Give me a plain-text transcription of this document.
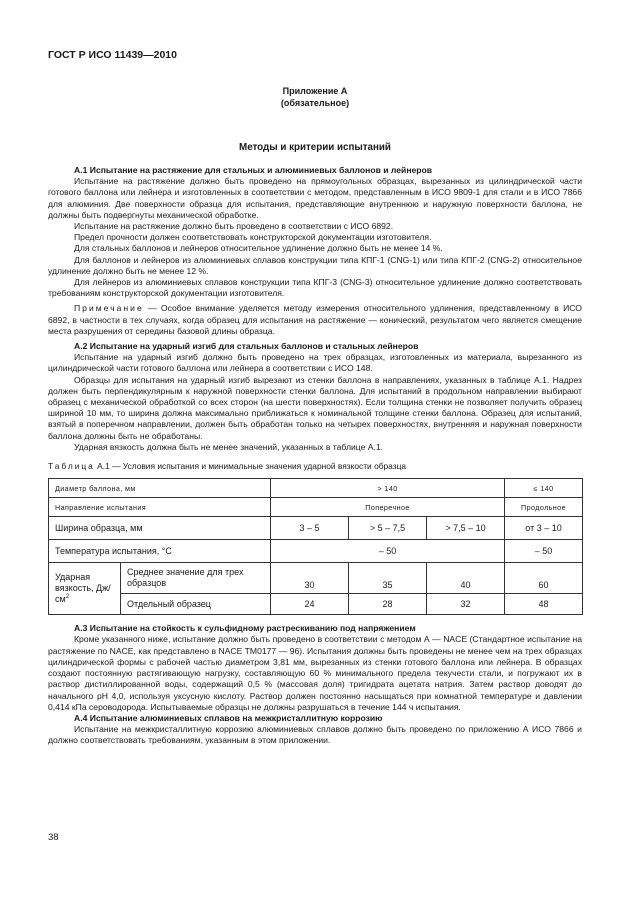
ГОСТ Р ИСО 11439—2010
Приложение А
(обязательное)
Методы и критерии испытаний

А.1 Испытание на растяжение для стальных и алюминиевых баллонов и лейнеров

Испытание на растяжение должно быть проведено на прямоугольных образцах, вырезанных из цилиндрической части готового баллона или лейнера и изготовленных в соответствии с методом, представленным в ИСО 9809-1 для стали и в ИСО 7866 для алюминия. Две поверхности образца для испытания, представляющие внутреннюю и наружную поверхности баллона, не должны быть подвергнуты механической обработке.

Испытание на растяжение должно быть проведено в соответствии с ИСО 6892.

Предел прочности должен соответствовать конструкторской документации изготовителя.

Для стальных баллонов и лейнеров относительное удлинение должно быть не менее 14 %.

Для баллонов и лейнеров из алюминиевых сплавов конструкции типа КПГ-1 (CNG-1) или типа КПГ-2 (CNG-2) относительное удлинение должно быть не менее 12 %.

Для лейнеров из алюминиевых сплавов конструкции типа КПГ-3 (CNG-3) относительное удлинение должно соответствовать требованиям конструкторской документации изготовителя.

Примечание — Особое внимание уделяется методу измерения относительного удлинения, представленному в ИСО 6892, в частности в тех случаях, когда образец для испытания на растяжение — конический, результатом чего является смещение места разрушения от середины базовой длины образца.

А.2 Испытание на ударный изгиб для стальных баллонов и стальных лейнеров

Испытание на ударный изгиб должно быть проведено на трех образцах, изготовленных из материала, вырезанного из цилиндрической части готового баллона или лейнера в соответствии с ИСО 148.

Образцы для испытания на ударный изгиб вырезают из стенки баллона в направлениях, указанных в таблице А.1. Надрез должен быть перпендикулярным к наружной поверхности стенки баллона. Для испытаний в продольном направлении выбирают образец с механической обработкой со всех сторон (на шести поверхностях). Если толщина стенки не позволяет получить образец шириной 10 мм, то ширина должна максимально приближаться к номинальной толщине стенки баллона. Образец для испытаний, взятый в поперечном направлении, должен быть обработан только на четырех поверхностях, внутренняя и наружная поверхности баллона должны быть не обработаны.

Ударная вязкость должна быть не менее значений, указанных в таблице А.1.

Таблица А.1 — Условия испытания и минимальные значения ударной вязкости образца

Диаметр баллона, мм		> 140			≤ 140
Направление испытания		Поперечное			Продольное
Ширина образца, мм		3 – 5	> 5 – 7,5	> 7,5 – 10	от 3 – 10
Температура испытания, °С		– 50			– 50
Ударная вязкость, $Дж/см^2$	Среднее значение для трех образцов	30	35	40	60
	Отдельный образец	24	28	32	48

А.3 Испытание на стойкость к сульфидному растрескиванию под напряжением

Кроме указанного ниже, испытание должно быть проведено в соответствии с методом А — NACE (Стандартное испытание на растяжение по NACE, как представлено в NACE TM0177 — 96). Испытания должны быть проведены не менее чем на трех образцах цилиндрической формы с рабочей частью диаметром 3,81 мм, вырезанных из стенки готового баллона или лейнера. В образцах создают постоянную растягивающую нагрузку, составляющую 60 % минимального предела текучести стали, и погружают их в раствор дистиллированной воды, содержащий 0,5 % (массовая доля) тригидрата ацетата натрия. Затем раствор доводят до начального рН 4,0, используя уксусную кислоту. Раствор должен постоянно насыщаться при комнатной температуре и давлении 0,414 кПа сероводорода. Испытываемые образцы не должны разрушаться в течение 144 ч испытания.

А.4 Испытание алюминиевых сплавов на межкристаллитную коррозию

Испытание на межкристаллитную коррозию алюминиевых сплавов должно быть проведено по приложению А ИСО 7866 и должно соответствовать требованиям, указанным в этом приложении.

38
